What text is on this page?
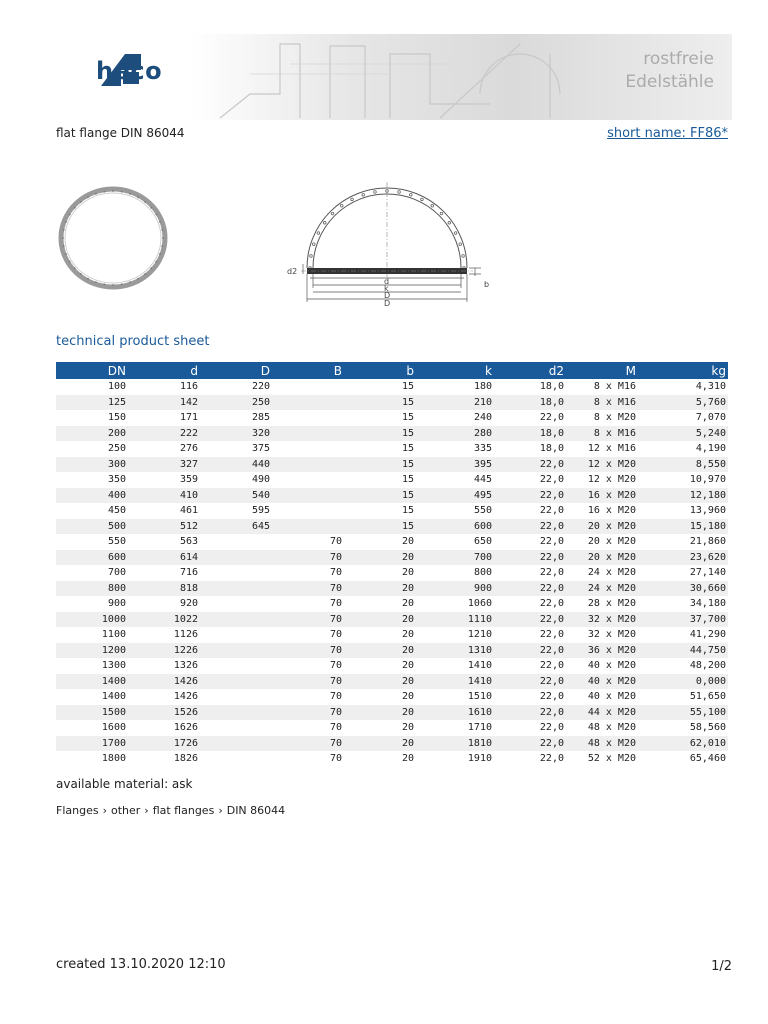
heco	rostfreie
Edelstähle
flat flange DIN 86044	short name: FF86*
d2
d
k
D
D
b
technical product sheet
DN	d	D	B	b	k	d2	M	kg
100	116	220		15	180	18,0	8 x M16	4,310
125	142	250		15	210	18,0	8 x M16	5,760
150	171	285		15	240	22,0	8 x M20	7,070
200	222	320		15	280	18,0	8 x M16	5,240
250	276	375		15	335	18,0	12 x M16	4,190
300	327	440		15	395	22,0	12 x M20	8,550
350	359	490		15	445	22,0	12 x M20	10,970
400	410	540		15	495	22,0	16 x M20	12,180
450	461	595		15	550	22,0	16 x M20	13,960
500	512	645		15	600	22,0	20 x M20	15,180
550	563		70	20	650	22,0	20 x M20	21,860
600	614		70	20	700	22,0	20 x M20	23,620
700	716		70	20	800	22,0	24 x M20	27,140
800	818		70	20	900	22,0	24 x M20	30,660
900	920		70	20	1060	22,0	28 x M20	34,180
1000	1022		70	20	1110	22,0	32 x M20	37,700
1100	1126		70	20	1210	22,0	32 x M20	41,290
1200	1226		70	20	1310	22,0	36 x M20	44,750
1300	1326		70	20	1410	22,0	40 x M20	48,200
1400	1426		70	20	1410	22,0	40 x M20	0,000
1400	1426		70	20	1510	22,0	40 x M20	51,650
1500	1526		70	20	1610	22,0	44 x M20	55,100
1600	1626		70	20	1710	22,0	48 x M20	58,560
1700	1726		70	20	1810	22,0	48 x M20	62,010
1800	1826		70	20	1910	22,0	52 x M20	65,460
available material: ask
Flanges › other › flat flanges › DIN 86044
created 13.10.2020 12:10	1/2
